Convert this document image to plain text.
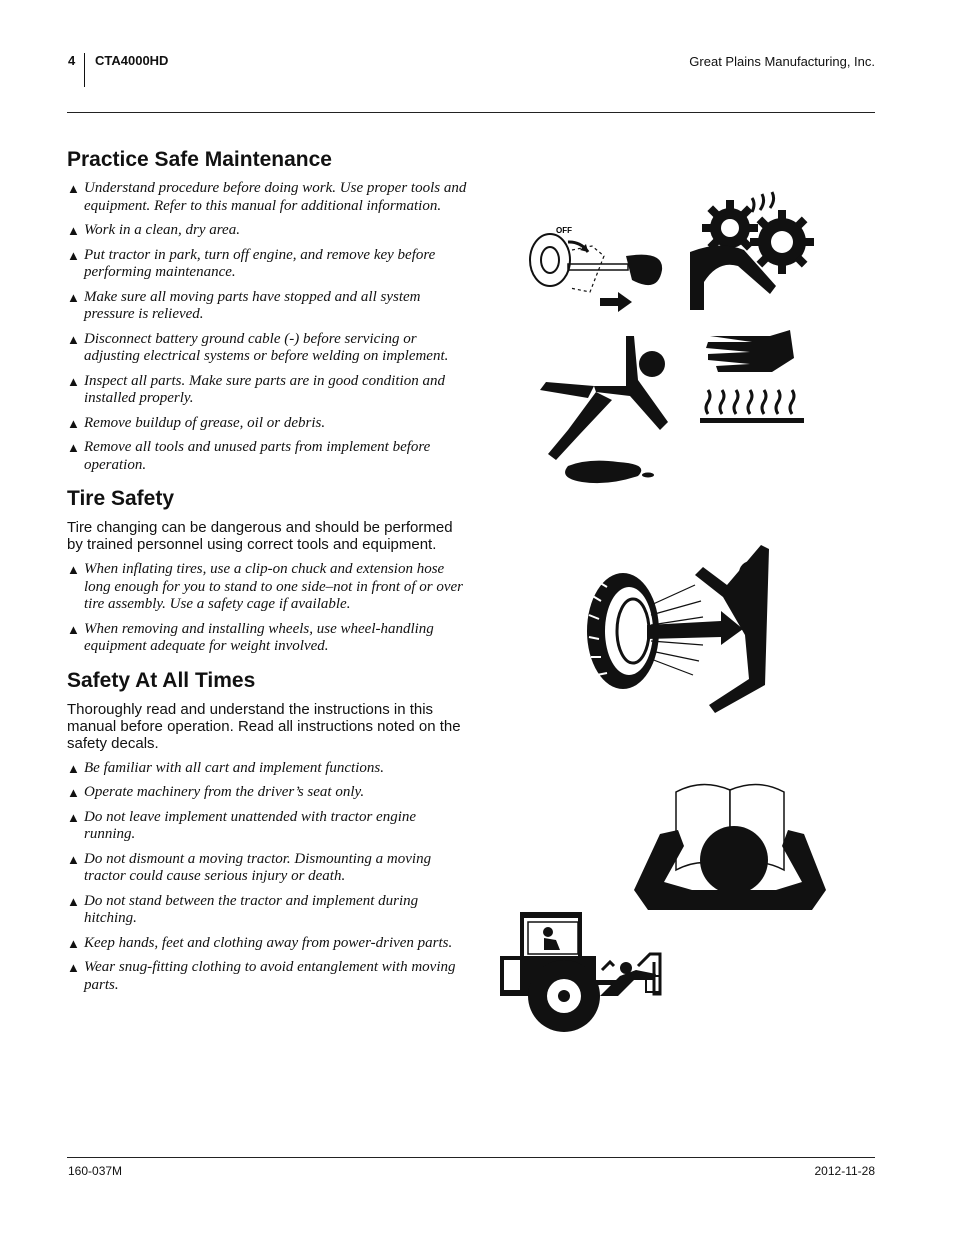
4 CTA4000HD	Great Plains Manufacturing, Inc.
Practice Safe Maintenance
▲ Understand procedure before doing work. Use proper tools and equipment. Refer to this manual for additional information.
▲ Work in a clean, dry area.
▲ Put tractor in park, turn off engine, and remove key before performing maintenance.
▲ Make sure all moving parts have stopped and all system pressure is relieved.
▲ Disconnect battery ground cable (-) before servicing or adjusting electrical systems or before welding on implement.
▲ Inspect all parts. Make sure parts are in good condition and installed properly.
▲ Remove buildup of grease, oil or debris.
▲ Remove all tools and unused parts from implement before operation.
Tire Safety

Tire changing can be dangerous and should be performed by trained personnel using correct tools and equipment.

▲ When inflating tires, use a clip-on chuck and extension hose long enough for you to stand to one side–not in front of or over tire assembly. Use a safety cage if available.
▲ When removing and installing wheels, use wheel-handling equipment adequate for weight involved.
Safety At All Times

Thoroughly read and understand the instructions in this manual before operation. Read all instructions noted on the safety decals.

▲ Be familiar with all cart and implement functions.
▲ Operate machinery from the driver’s seat only.
▲ Do not leave implement unattended with tractor engine running.
▲ Do not dismount a moving tractor. Dismounting a moving tractor could cause serious injury or death.
▲ Do not stand between the tractor and implement during hitching.
▲ Keep hands, feet and clothing away from power-driven parts.
▲ Wear snug-fitting clothing to avoid entanglement with moving parts.
OFF
160-037M	2012-11-28
